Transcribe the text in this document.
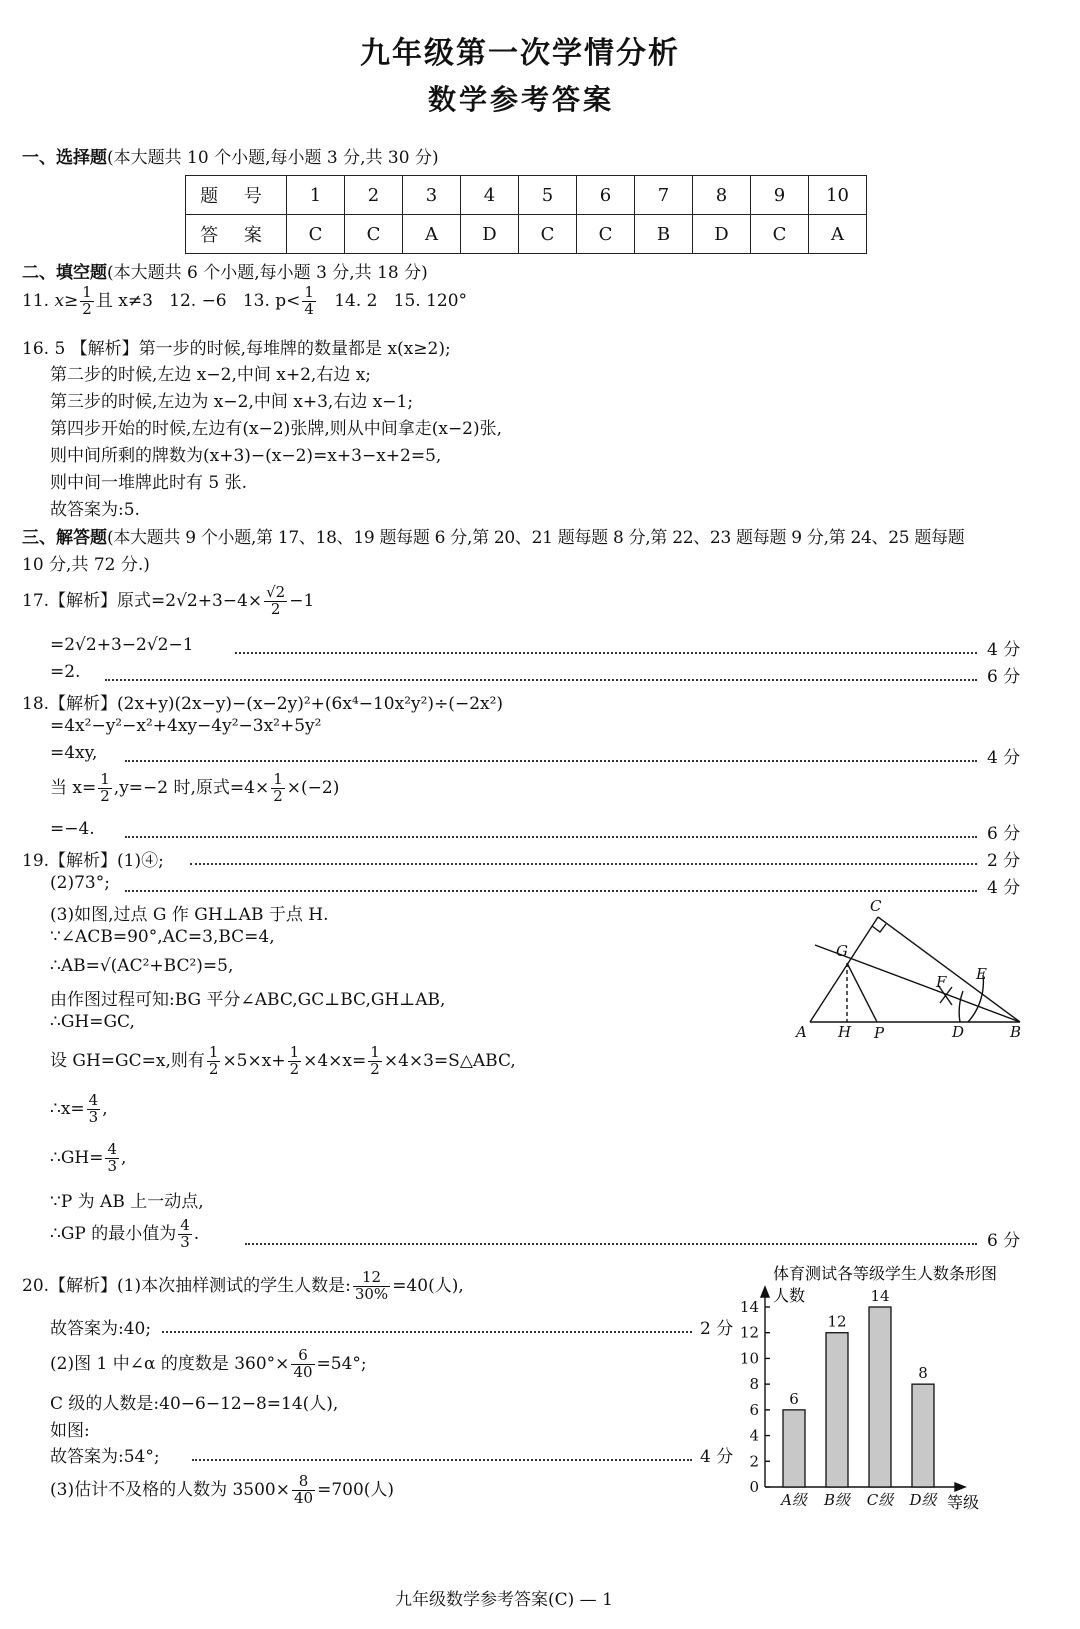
九年级第一次学情分析
数学参考答案
一、选择题(本大题共 10 个小题,每小题 3 分,共 30 分)
题 号	1	2	3	4	5	6	7	8	9	10
答 案	C	C	A	D	C	C	B	D	C	A
二、填空题(本大题共 6 个小题,每小题 3 分,共 18 分)
11. $x\ge \frac{1}{2}$ 且 x≠3 12. −6 13. $p< \frac{1}{4} 14$. 2 15. 120°
16. 5 【解析】第一步的时候,每堆牌的数量都是 x(x≥2);
第二步的时候,左边 x−2,中间 x+2,右边 x;
第三步的时候,左边为 x−2,中间 x+3,右边 x−1;
第四步开始的时候,左边有(x−2)张牌,则从中间拿走(x−2)张,
则中间所剩的牌数为(x+3)−(x−2)=x+3−x+2=5,
则中间一堆牌此时有 5 张.
故答案为:5.
三、解答题(本大题共 9 个小题,第 17、18、19 题每题 6 分,第 20、21 题每题 8 分,第 22、23 题每题 9 分,第 24、25 题每题
10 分,共 72 分.)
17.【解析】原式$=2√2+3-4\times \frac{√2}{2} -1$
=2√2+3−2√2−1	4 分
=2.	6 分
18.【解析】(2x+y)(2x−y)−(x−2y)²+(6x⁴−10x²y²)÷(−2x²)
=4x²−y²−x²+4xy−4y²−3x²+5y²
=4xy,	4 分
当 $x= \frac{1}{2} ,y=-2$ 时,原式$=4\times \frac{1}{2} \times(-2)$
=−4.	6 分
19.【解析】(1)④;	2 分
(2)73°;	4 分
(3)如图,过点 G 作 GH⊥AB 于点 H.
∵∠ACB=90°,AC=3,BC=4,
∴AB=√(AC²+BC²)=5,
由作图过程可知:BG 平分∠ABC,GC⊥BC,GH⊥AB,
∴GH=GC,
设 GH=GC=x,则有 $\frac{1}{2} \times 5\times x+ \frac{1}{2} \times 4\times x= \frac{1}{2}$ ×4×3=S△ABC,
∴x= $\frac{4}{3}$ ,
∴GH= $\frac{4}{3}$ ,
∵P 为 AB 上一动点,
∴GP 的最小值为 $\frac{4}{3}$ .	6 分
A H P	D	B
C
G
F E
20.【解析】(1)本次抽样测试的学生人数是: $\frac{12}{30\%} =40$(人),
故答案为:40;	2 分
(2)图 1 中∠α 的度数是 $360^\circ\times \frac{6}{40} =54^\circ$;
C 级的人数是:40−6−12−8=14(人),
如图:
故答案为:54°;	4 分
(3)估计不及格的人数为 $3500\times \frac{8}{40} =700$(人)
体育测试各等级学生人数条形图
人数
等级
0
2
4
6
8
10
12
14
6
A级
12
B级
14
C级
8
D级
九年级数学参考答案(C) — 1
